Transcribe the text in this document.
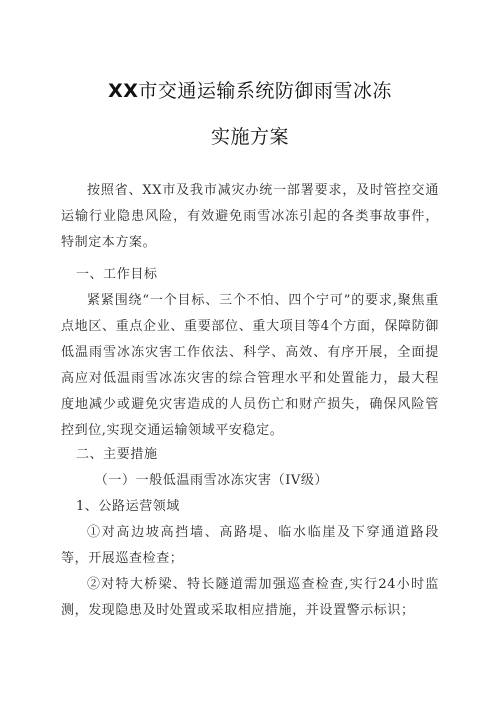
XX市交通运输系统防御雨雪冰冻
实施方案

按照省、XX市及我市减灾办统一部署要求，及时管控交通运输行业隐患风险，有效避免雨雪冰冻引起的各类事故事件，特制定本方案。

一、工作目标

紧紧围绕“一个目标、三个不怕、四个宁可”的要求,聚焦重点地区、重点企业、重要部位、重大项目等4个方面，保障防御低温雨雪冰冻灾害工作依法、科学、高效、有序开展，全面提高应对低温雨雪冰冻灾害的综合管理水平和处置能力，最大程度地减少或避免灾害造成的人员伤亡和财产损失，确保风险管控到位,实现交通运输领域平安稳定。

二、主要措施

（一）一般低温雨雪冰冻灾害（IV级）

1、公路运营领域

①对高边坡高挡墙、高路堤、临水临崖及下穿通道路段等，开展巡查检查；

②对特大桥梁、特长隧道需加强巡查检查,实行24小时监测，发现隐患及时处置或采取相应措施，并设置警示标识；
